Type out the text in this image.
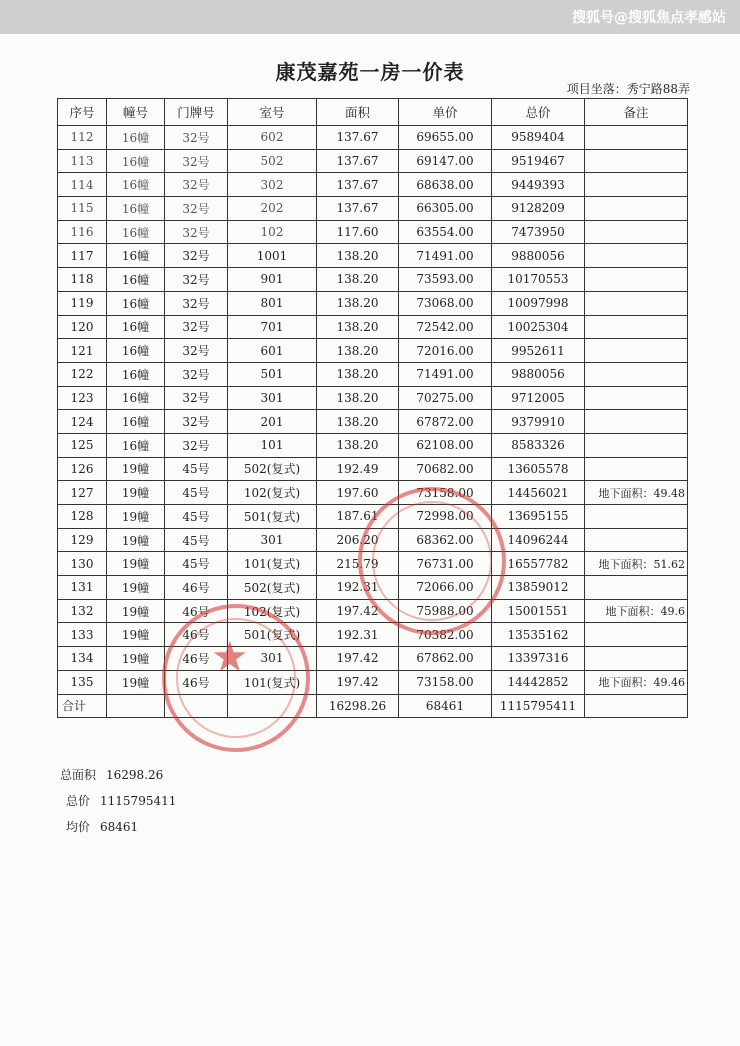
搜狐号@搜狐焦点孝感站
康茂嘉苑一房一价表
项目坐落：秀宁路88弄
序号	幢号	门牌号	室号	面积	单价	总价	备注
112	16幢	32号	602	137.67	69655.00	9589404	
113	16幢	32号	502	137.67	69147.00	9519467	
114	16幢	32号	302	137.67	68638.00	9449393	
115	16幢	32号	202	137.67	66305.00	9128209	
116	16幢	32号	102	117.60	63554.00	7473950	
117	16幢	32号	1001	138.20	71491.00	9880056	
118	16幢	32号	901	138.20	73593.00	10170553	
119	16幢	32号	801	138.20	73068.00	10097998	
120	16幢	32号	701	138.20	72542.00	10025304	
121	16幢	32号	601	138.20	72016.00	9952611	
122	16幢	32号	501	138.20	71491.00	9880056	
123	16幢	32号	301	138.20	70275.00	9712005	
124	16幢	32号	201	138.20	67872.00	9379910	
125	16幢	32号	101	138.20	62108.00	8583326	
126	19幢	45号	502(复式)	192.49	70682.00	13605578	
127	19幢	45号	102(复式)	197.60	73158.00	14456021	地下面积：49.48
128	19幢	45号	501(复式)	187.61	72998.00	13695155	
129	19幢	45号	301	206.20	68362.00	14096244	
130	19幢	45号	101(复式)	215.79	76731.00	16557782	地下面积：51.62
131	19幢	46号	502(复式)	192.31	72066.00	13859012	
132	19幢	46号	102(复式)	197.42	75988.00	15001551	地下面积：49.6
133	19幢	46号	501(复式)	192.31	70382.00	13535162	
134	19幢	46号	301	197.42	67862.00	13397316	
135	19幢	46号	101(复式)	197.42	73158.00	14442852	地下面积：49.46
合计				16298.26	68461	1115795411	
★
总面积 16298.26
总价 1115795411
均价 68461
